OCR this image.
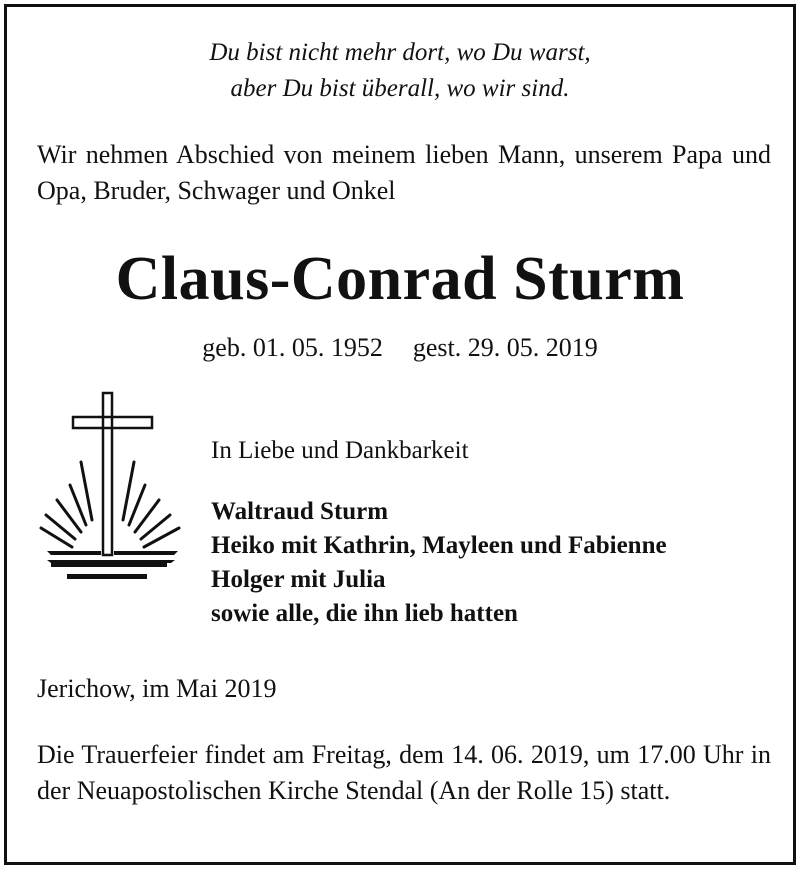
Du bist nicht mehr dort, wo Du warst,
aber Du bist überall, wo wir sind.
Wir nehmen Abschied von meinem lieben Mann, unserem Papa und Opa, Bruder, Schwager und Onkel
Claus-Conrad Sturm
geb. 01. 05. 1952 gest. 29. 05. 2019
In Liebe und Dankbarkeit
Waltraud Sturm
Heiko mit Kathrin, Mayleen und Fabienne
Holger mit Julia
sowie alle, die ihn lieb hatten
Jerichow, im Mai 2019
Die Trauerfeier findet am Freitag, dem 14. 06. 2019, um 17.00 Uhr in der Neuapostolischen Kirche Stendal (An der Rolle 15) statt.
